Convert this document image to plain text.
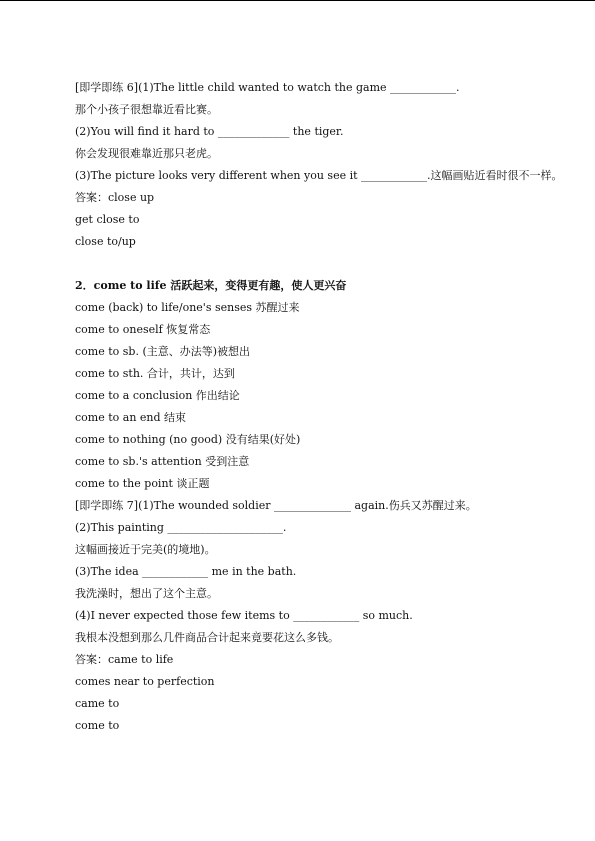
[即学即练 6](1)The little child wanted to watch the game ____________.
那个小孩子很想靠近看比赛。
(2)You will find it hard to _____________ the tiger.
你会发现很难靠近那只老虎。
(3)The picture looks very different when you see it ____________.这幅画贴近看时很不一样。
答案：close up
get close to
close to/up
2．come to life 活跃起来，变得更有趣，使人更兴奋
come (back) to life/one's senses 苏醒过来
come to oneself 恢复常态
come to sb. (主意、办法等)被想出
come to sth. 合计，共计，达到
come to a conclusion 作出结论
come to an end 结束
come to nothing (no good) 没有结果(好处)
come to sb.'s attention 受到注意
come to the point 谈正题
[即学即练 7](1)The wounded soldier ______________ again.伤兵又苏醒过来。
(2)This painting _____________________.
这幅画接近于完美(的境地)。
(3)The idea ____________ me in the bath.
我洗澡时，想出了这个主意。
(4)I never expected those few items to ____________ so much.
我根本没想到那么几件商品合计起来竟要花这么多钱。
答案：came to life
comes near to perfection
came to
come to
